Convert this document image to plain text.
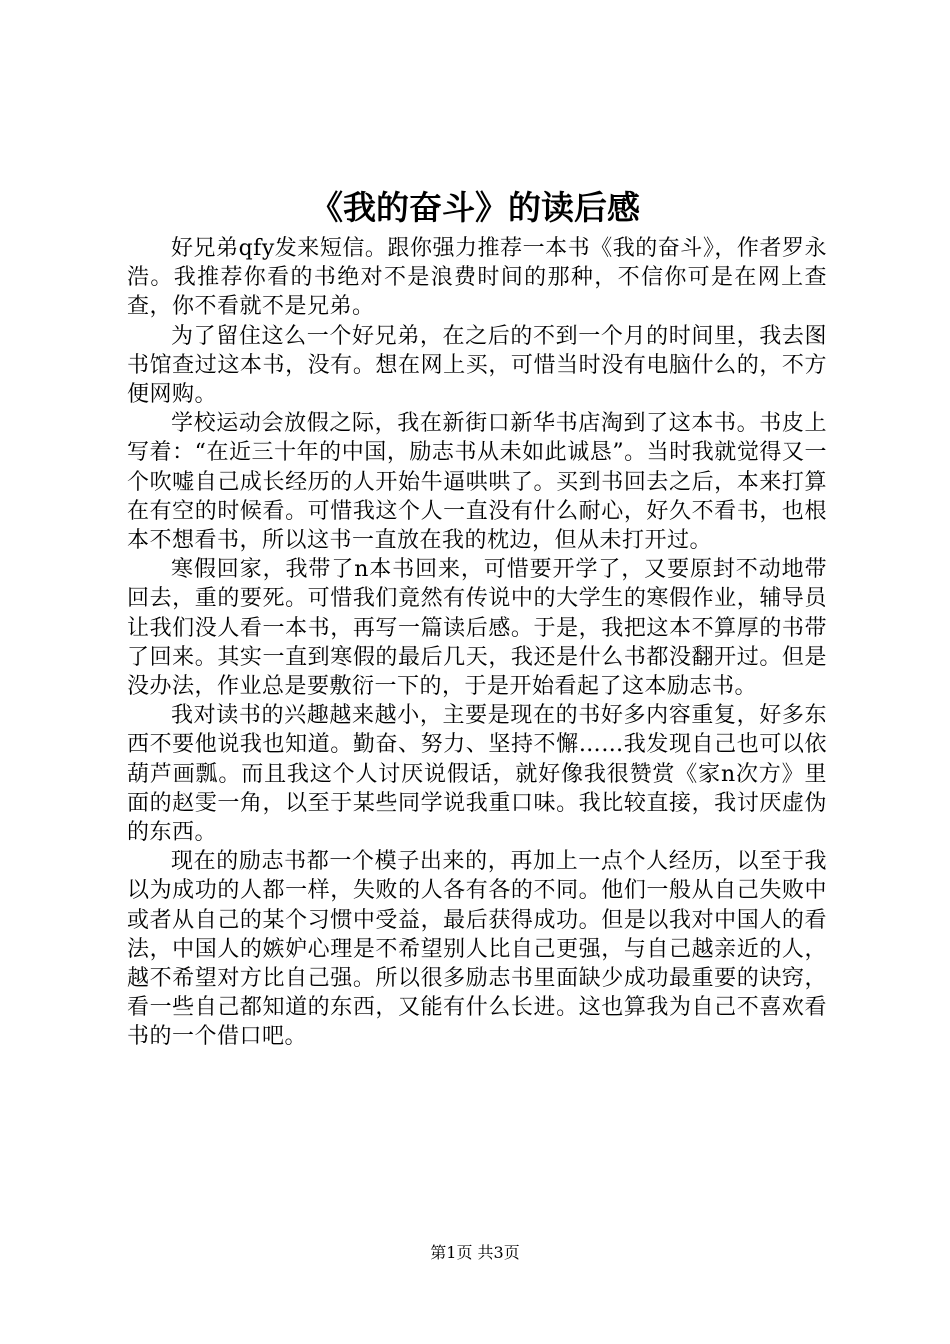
《我的奋斗》的读后感

好兄弟qfy发来短信。跟你强力推荐一本书《我的奋斗》，作者罗永浩。我推荐你看的书绝对不是浪费时间的那种，不信你可是在网上查查，你不看就不是兄弟。

为了留住这么一个好兄弟，在之后的不到一个月的时间里，我去图书馆查过这本书，没有。想在网上买，可惜当时没有电脑什么的，不方便网购。

学校运动会放假之际，我在新街口新华书店淘到了这本书。书皮上写着：“在近三十年的中国，励志书从未如此诚恳”。当时我就觉得又一个吹嘘自己成长经历的人开始牛逼哄哄了。买到书回去之后，本来打算在有空的时候看。可惜我这个人一直没有什么耐心，好久不看书，也根本不想看书，所以这书一直放在我的枕边，但从未打开过。

寒假回家，我带了n本书回来，可惜要开学了，又要原封不动地带回去，重的要死。可惜我们竟然有传说中的大学生的寒假作业，辅导员让我们没人看一本书，再写一篇读后感。于是，我把这本不算厚的书带了回来。其实一直到寒假的最后几天，我还是什么书都没翻开过。但是没办法，作业总是要敷衍一下的，于是开始看起了这本励志书。

我对读书的兴趣越来越小，主要是现在的书好多内容重复，好多东西不要他说我也知道。勤奋、努力、坚持不懈……我发现自己也可以依葫芦画瓢。而且我这个人讨厌说假话，就好像我很赞赏《家n次方》里面的赵雯一角，以至于某些同学说我重口味。我比较直接，我讨厌虚伪的东西。

现在的励志书都一个模子出来的，再加上一点个人经历，以至于我以为成功的人都一样，失败的人各有各的不同。他们一般从自己失败中或者从自己的某个习惯中受益，最后获得成功。但是以我对中国人的看法，中国人的嫉妒心理是不希望别人比自己更强，与自己越亲近的人，越不希望对方比自己强。所以很多励志书里面缺少成功最重要的诀窍，看一些自己都知道的东西，又能有什么长进。这也算我为自己不喜欢看书的一个借口吧。

第1页 共3页
